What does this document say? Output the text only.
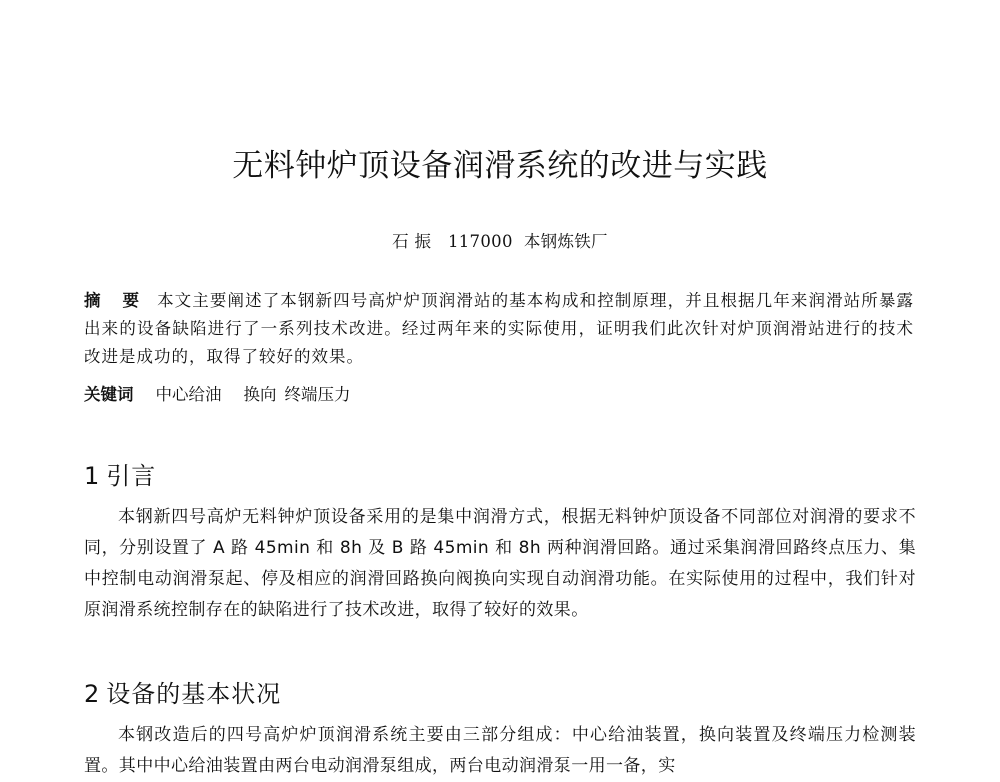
无料钟炉顶设备润滑系统的改进与实践
石 振 117000 本钢炼铁厂
摘 要 本文主要阐述了本钢新四号高炉炉顶润滑站的基本构成和控制原理，并且根据几年来润滑站所暴露出来的设备缺陷进行了一系列技术改进。经过两年来的实际使用，证明我们此次针对炉顶润滑站进行的技术改进是成功的，取得了较好的效果。
关键词 中心给油 换向 终端压力
1 引言
本钢新四号高炉无料钟炉顶设备采用的是集中润滑方式，根据无料钟炉顶设备不同部位对润滑的要求不同，分别设置了 A 路 45min 和 8h 及 B 路 45min 和 8h 两种润滑回路。通过采集润滑回路终点压力、集中控制电动润滑泵起、停及相应的润滑回路换向阀换向实现自动润滑功能。在实际使用的过程中，我们针对原润滑系统控制存在的缺陷进行了技术改进，取得了较好的效果。
2 设备的基本状况
本钢改造后的四号高炉炉顶润滑系统主要由三部分组成：中心给油装置，换向装置及终端压力检测装置。其中中心给油装置由两台电动润滑泵组成，两台电动润滑泵一用一备，实
